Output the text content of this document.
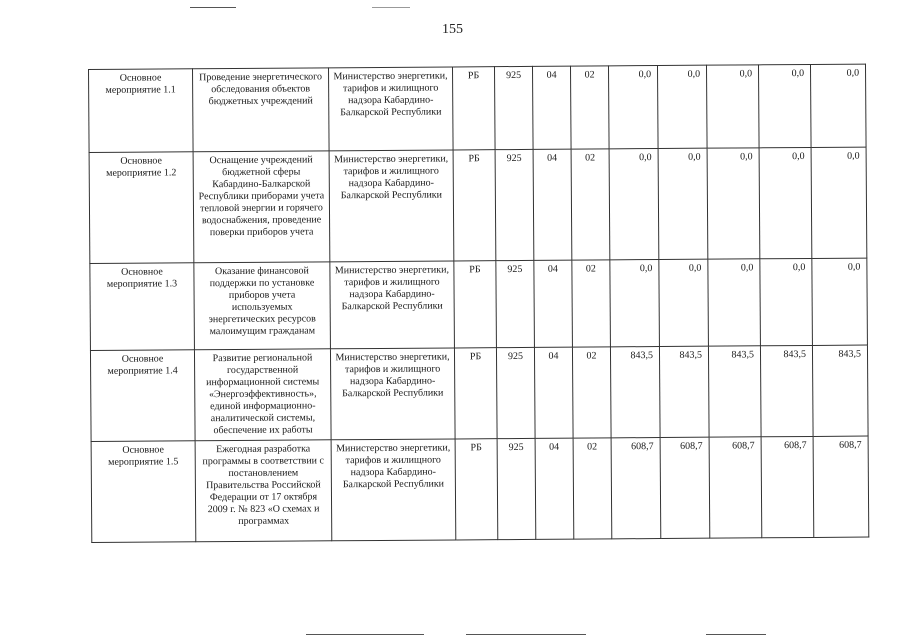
155
Основное мероприятие 1.1	Проведение энергетического обследования объектов бюджетных учреждений	Министерство энергетики, тарифов и жилищного надзора Кабардино-Балкарской Республики	РБ	925	04	02	0,0	0,0	0,0	0,0	0,0
Основное мероприятие 1.2	Оснащение учреждений бюджетной сферы Кабардино-Балкарской Республики приборами учета тепловой энергии и горячего водоснабжения, проведение поверки приборов учета	Министерство энергетики, тарифов и жилищного надзора Кабардино-Балкарской Республики	РБ	925	04	02	0,0	0,0	0,0	0,0	0,0
Основное мероприятие 1.3	Оказание финансовой поддержки по установке приборов учета используемых энергетических ресурсов малоимущим гражданам	Министерство энергетики, тарифов и жилищного надзора Кабардино-Балкарской Республики	РБ	925	04	02	0,0	0,0	0,0	0,0	0,0
Основное мероприятие 1.4	Развитие региональной государственной информационной системы «Энергоэффективность», единой информационно-аналитической системы, обеспечение их работы	Министерство энергетики, тарифов и жилищного надзора Кабардино-Балкарской Республики	РБ	925	04	02	843,5	843,5	843,5	843,5	843,5
Основное мероприятие 1.5	Ежегодная разработка программы в соответствии с постановлением Правительства Российской Федерации от 17 октября 2009 г. № 823 «О схемах и программах	Министерство энергетики, тарифов и жилищного надзора Кабардино-Балкарской Республики	РБ	925	04	02	608,7	608,7	608,7	608,7	608,7
